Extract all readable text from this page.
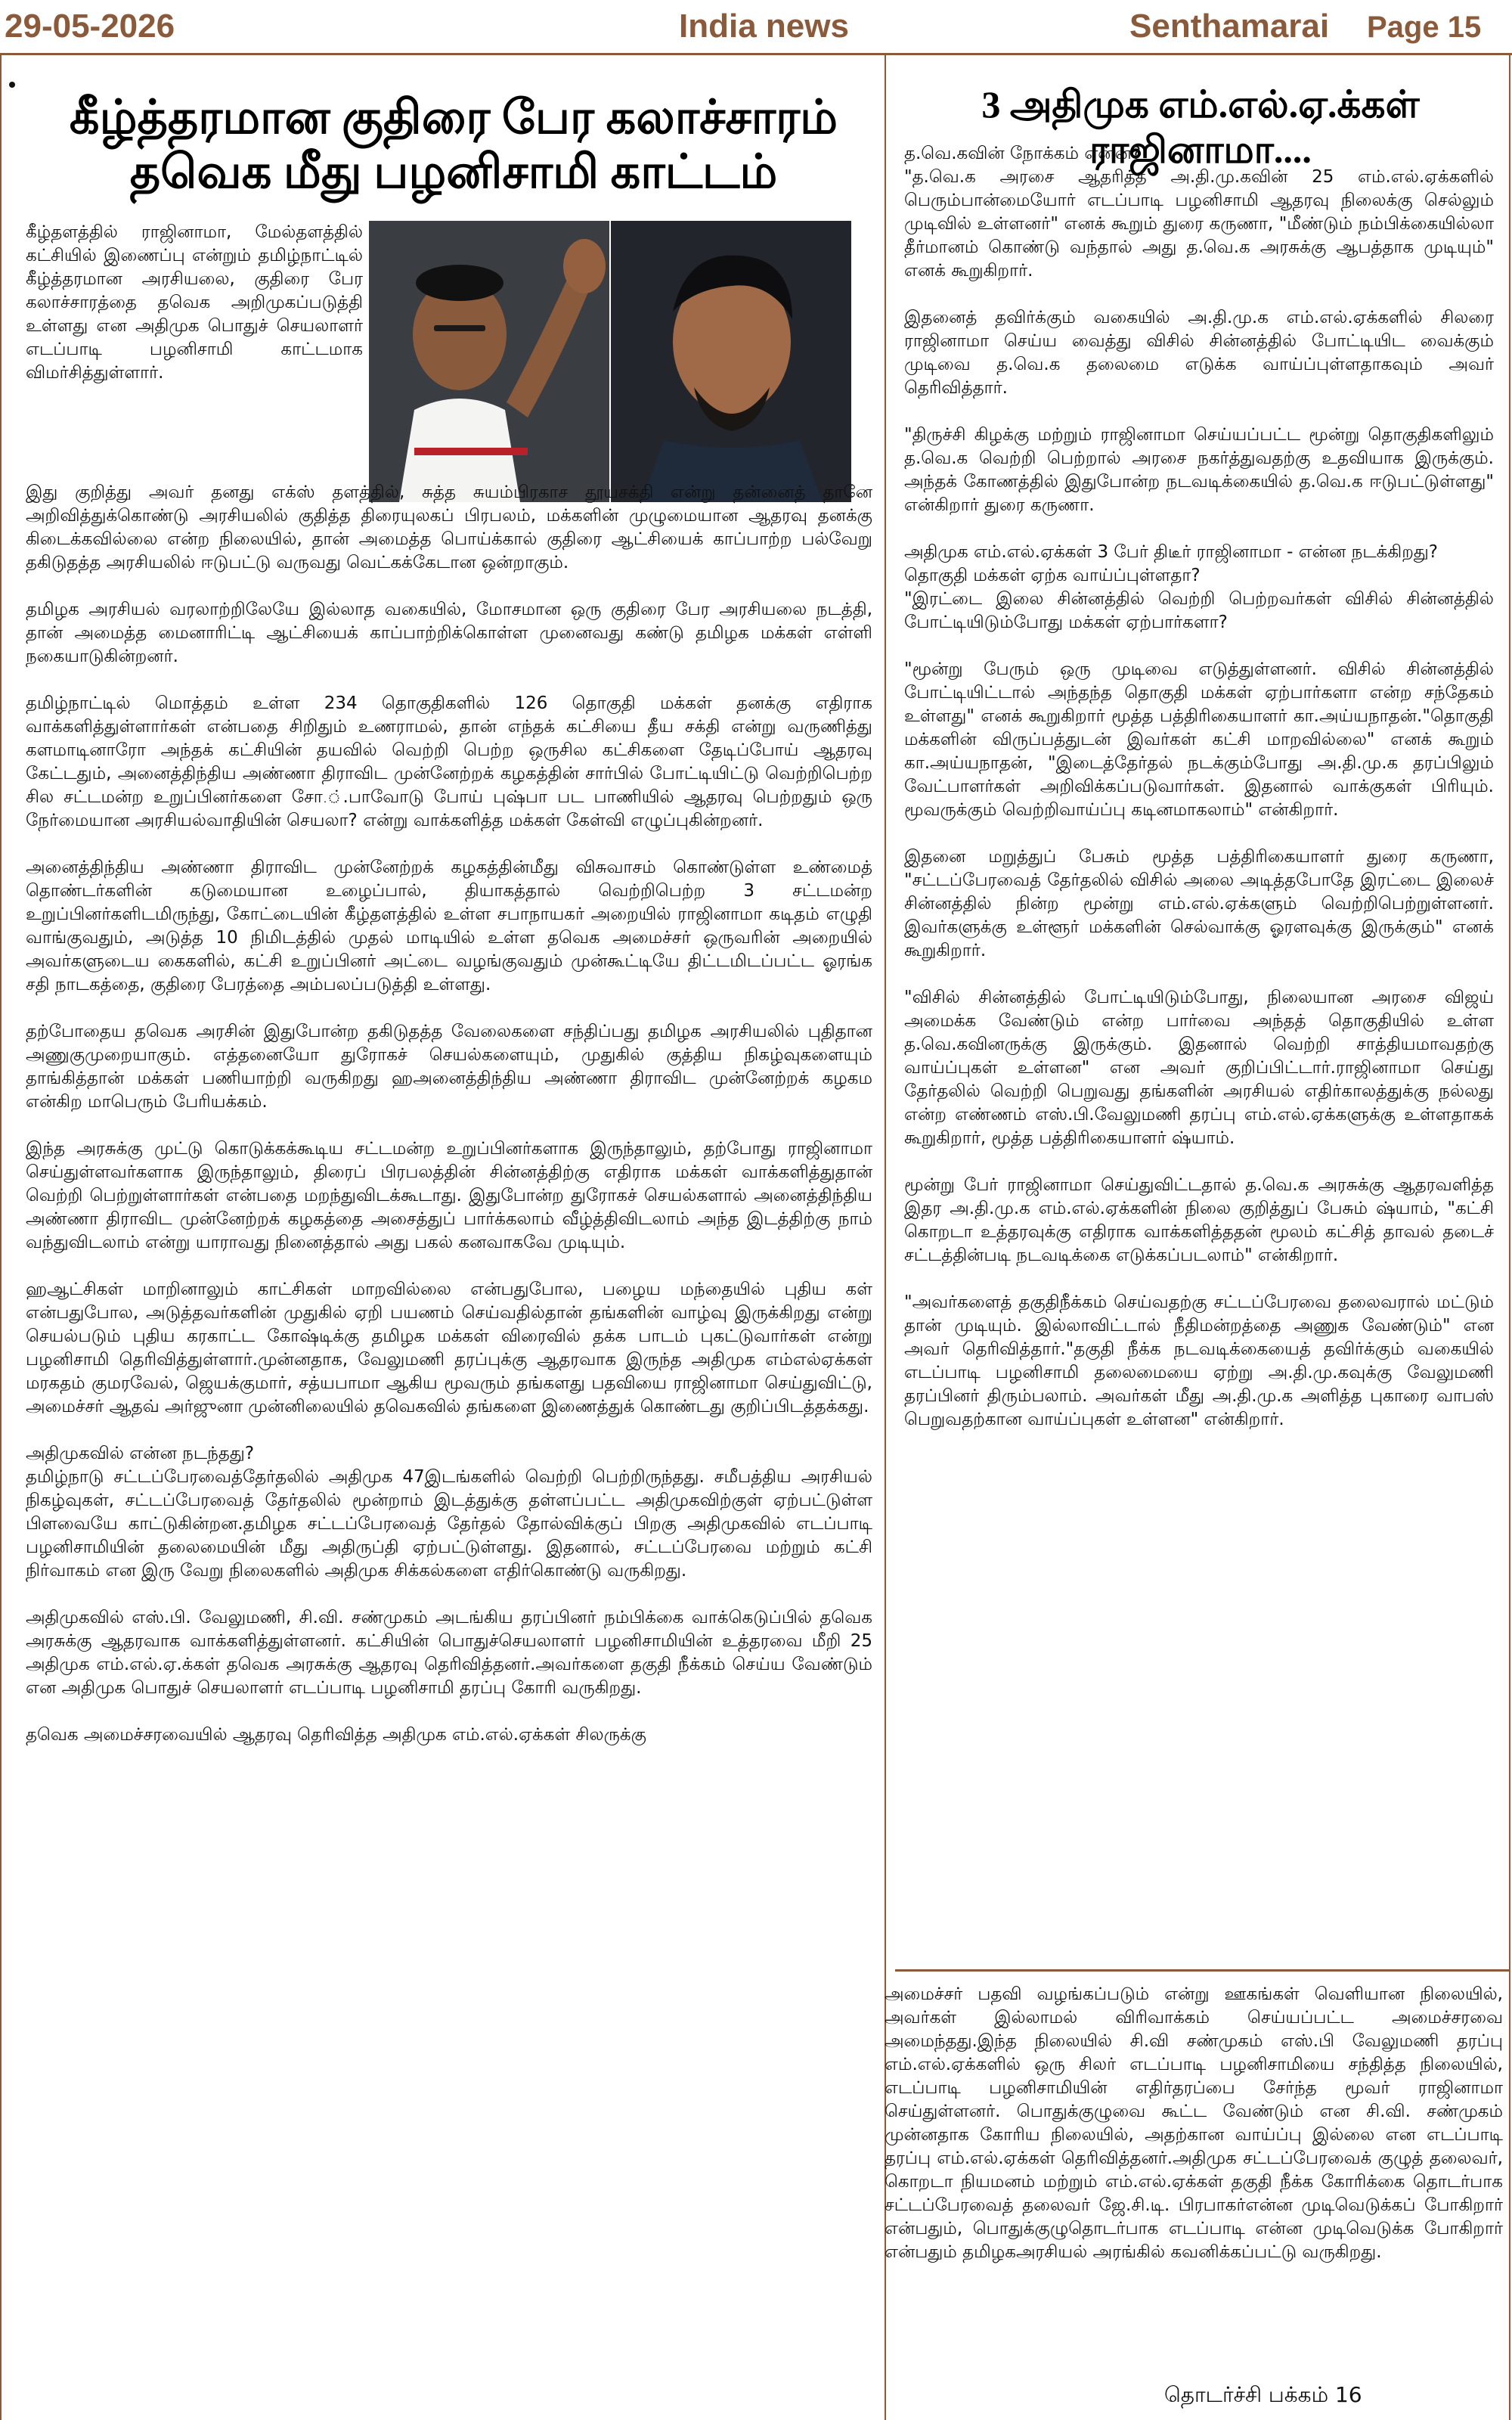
29-05-2026	India news	Senthamarai Page 15
கீழ்த்தரமான குதிரை பேர கலாச்சாரம்
தவெக மீது பழனிசாமி காட்டம்
கீழ்தளத்தில் ராஜினாமா, மேல்தளத்தில் கட்சியில் இணைப்பு என்றும் தமிழ்நாட்டில் கீழ்த்தரமான அரசியலை, குதிரை பேர கலாச்சாரத்தை தவெக அறிமுகப்படுத்தி உள்ளது என அதிமுக பொதுச் செயலாளர் எடப்பாடி பழனிசாமி காட்டமாக விமர்சித்துள்ளார்.

இது குறித்து அவர் தனது எக்ஸ் தளத்தில், சுத்த சுயம்பிரகாச தூயசக்தி என்று தன்னைத் தானே அறிவித்துக்கொண்டு அரசியலில் குதித்த திரையுலகப் பிரபலம், மக்களின் முழுமையான ஆதரவு தனக்கு கிடைக்கவில்லை என்ற நிலையில், தான் அமைத்த பொய்க்கால் குதிரை ஆட்சியைக் காப்பாற்ற பல்வேறு தகிடுதத்த அரசியலில் ஈடுபட்டு வருவது வெட்கக்கேடான ஒன்றாகும்.

தமிழக அரசியல் வரலாற்றிலேயே இல்லாத வகையில், மோசமான ஒரு குதிரை பேர அரசியலை நடத்தி, தான் அமைத்த மைனாரிட்டி ஆட்சியைக் காப்பாற்றிக்கொள்ள முனைவது கண்டு தமிழக மக்கள் எள்ளி நகையாடுகின்றனர்.

தமிழ்நாட்டில் மொத்தம் உள்ள 234 தொகுதிகளில் 126 தொகுதி மக்கள் தனக்கு எதிராக வாக்களித்துள்ளார்கள் என்பதை சிறிதும் உணராமல், தான் எந்தக் கட்சியை தீய சக்தி என்று வருணித்து களமாடினாரோ அந்தக் கட்சியின் தயவில் வெற்றி பெற்ற ஒருசில கட்சிகளை தேடிப்போய் ஆதரவு கேட்டதும், அனைத்திந்திய அண்ணா திராவிட முன்னேற்றக் கழகத்தின் சார்பில் போட்டியிட்டு வெற்றிபெற்ற சில சட்டமன்ற உறுப்பினர்களை சோ.்.பாவோடு போய் புஷ்பா பட பாணியில் ஆதரவு பெற்றதும் ஒரு நேர்மையான அரசியல்வாதியின் செயலா? என்று வாக்களித்த மக்கள் கேள்வி எழுப்புகின்றனர்.

அனைத்திந்திய அண்ணா திராவிட முன்னேற்றக் கழகத்தின்மீது விசுவாசம் கொண்டுள்ள உண்மைத் தொண்டர்களின் கடுமையான உழைப்பால், தியாகத்தால் வெற்றிபெற்ற 3 சட்டமன்ற உறுப்பினர்களிடமிருந்து, கோட்டையின் கீழ்தளத்தில் உள்ள சபாநாயகர் அறையில் ராஜினாமா கடிதம் எழுதி வாங்குவதும், அடுத்த 10 நிமிடத்தில் முதல் மாடியில் உள்ள தவெக அமைச்சர் ஒருவரின் அறையில் அவர்களுடைய கைகளில், கட்சி உறுப்பினர் அட்டை வழங்குவதும் முன்கூட்டியே திட்டமிடப்பட்ட ஓரங்க சதி நாடகத்தை, குதிரை பேரத்தை அம்பலப்படுத்தி உள்ளது.

தற்போதைய தவெக அரசின் இதுபோன்ற தகிடுதத்த வேலைகளை சந்திப்பது தமிழக அரசியலில் புதிதான அணுகுமுறையாகும். எத்தனையோ துரோகச் செயல்களையும், முதுகில் குத்திய நிகழ்வுகளையும் தாங்கித்தான் மக்கள் பணியாற்றி வருகிறது ஹஅனைத்திந்திய அண்ணா திராவிட முன்னேற்றக் கழகம என்கிற மாபெரும் பேரியக்கம்.

இந்த அரசுக்கு முட்டு கொடுக்கக்கூடிய சட்டமன்ற உறுப்பினர்களாக இருந்தாலும், தற்போது ராஜினாமா செய்துள்ளவர்களாக இருந்தாலும், திரைப் பிரபலத்தின் சின்னத்திற்கு எதிராக மக்கள் வாக்களித்துதான் வெற்றி பெற்றுள்ளார்கள் என்பதை மறந்துவிடக்கூடாது. இதுபோன்ற துரோகச் செயல்களால் அனைத்திந்திய அண்ணா திராவிட முன்னேற்றக் கழகத்தை அசைத்துப் பார்க்கலாம் வீழ்த்திவிடலாம் அந்த இடத்திற்கு நாம் வந்துவிடலாம் என்று யாராவது நினைத்தால் அது பகல் கனவாகவே முடியும்.

ஹஆட்சிகள் மாறினாலும் காட்சிகள் மாறவில்லை என்பதுபோல, பழைய மந்தையில் புதிய கள் என்பதுபோல, அடுத்தவர்களின் முதுகில் ஏறி பயணம் செய்வதில்தான் தங்களின் வாழ்வு இருக்கிறது என்று செயல்படும் புதிய கரகாட்ட கோஷ்டிக்கு தமிழக மக்கள் விரைவில் தக்க பாடம் புகட்டுவார்கள் என்று பழனிசாமி தெரிவித்துள்ளார்.முன்னதாக, வேலுமணி தரப்புக்கு ஆதரவாக இருந்த அதிமுக எம்எல்ஏக்கள் மரகதம் குமரவேல், ஜெயக்குமார், சத்யபாமா ஆகிய மூவரும் தங்களது பதவியை ராஜினாமா செய்துவிட்டு, அமைச்சர் ஆதவ் அர்ஜுனா முன்னிலையில் தவெகவில் தங்களை இணைத்துக் கொண்டது குறிப்பிடத்தக்கது.

அதிமுகவில் என்ன நடந்தது?
தமிழ்நாடு சட்டப்பேரவைத்தேர்தலில் அதிமுக 47இடங்களில் வெற்றி பெற்றிருந்தது. சமீபத்திய அரசியல் நிகழ்வுகள், சட்டப்பேரவைத் தேர்தலில் மூன்றாம் இடத்துக்கு தள்ளப்பட்ட அதிமுகவிற்குள் ஏற்பட்டுள்ள பிளவையே காட்டுகின்றன.தமிழக சட்டப்பேரவைத் தேர்தல் தோல்விக்குப் பிறகு அதிமுகவில் எடப்பாடி பழனிசாமியின் தலைமையின் மீது அதிருப்தி ஏற்பட்டுள்ளது. இதனால், சட்டப்பேரவை மற்றும் கட்சி நிர்வாகம் என இரு வேறு நிலைகளில் அதிமுக சிக்கல்களை எதிர்கொண்டு வருகிறது.

அதிமுகவில் எஸ்.பி. வேலுமணி, சி.வி. சண்முகம் அடங்கிய தரப்பினர் நம்பிக்கை வாக்கெடுப்பில் தவெக அரசுக்கு ஆதரவாக வாக்களித்துள்ளனர். கட்சியின் பொதுச்செயலாளர் பழனிசாமியின் உத்தரவை மீறி 25 அதிமுக எம்.எல்.ஏ.க்கள் தவெக அரசுக்கு ஆதரவு தெரிவித்தனர்.அவர்களை தகுதி நீக்கம் செய்ய வேண்டும் என அதிமுக பொதுச் செயலாளர் எடப்பாடி பழனிசாமி தரப்பு கோரி வருகிறது.

தவெக அமைச்சரவையில் ஆதரவு தெரிவித்த அதிமுக எம்.எல்.ஏக்கள் சிலருக்கு

3 அதிமுக எம்.எல்.ஏ.க்கள் ராஜினாமா....

த.வெ.கவின் நோக்கம் என்ன?
"த.வெ.க அரசை ஆதரித்த அ.தி.மு.கவின் 25 எம்.எல்.ஏக்களில் பெரும்பான்மையோர் எடப்பாடி பழனிசாமி ஆதரவு நிலைக்கு செல்லும் முடிவில் உள்ளனர்" எனக் கூறும் துரை கருணா, "மீண்டும் நம்பிக்கையில்லா தீர்மானம் கொண்டு வந்தால் அது த.வெ.க அரசுக்கு ஆபத்தாக முடியும்" எனக் கூறுகிறார்.

இதனைத் தவிர்க்கும் வகையில் அ.தி.மு.க எம்.எல்.ஏக்களில் சிலரை ராஜினாமா செய்ய வைத்து விசில் சின்னத்தில் போட்டியிட வைக்கும் முடிவை த.வெ.க தலைமை எடுக்க வாய்ப்புள்ளதாகவும் அவர் தெரிவித்தார்.

"திருச்சி கிழக்கு மற்றும் ராஜினாமா செய்யப்பட்ட மூன்று தொகுதிகளிலும் த.வெ.க வெற்றி பெற்றால் அரசை நகர்த்துவதற்கு உதவியாக இருக்கும். அந்தக் கோணத்தில் இதுபோன்ற நடவடிக்கையில் த.வெ.க ஈடுபட்டுள்ளது" என்கிறார் துரை கருணா.

அதிமுக எம்.எல்.ஏக்கள் 3 பேர் திடீர் ராஜினாமா - என்ன நடக்கிறது?
தொகுதி மக்கள் ஏற்க வாய்ப்புள்ளதா?
"இரட்டை இலை சின்னத்தில் வெற்றி பெற்றவர்கள் விசில் சின்னத்தில் போட்டியிடும்போது மக்கள் ஏற்பார்களா?

"மூன்று பேரும் ஒரு முடிவை எடுத்துள்ளனர். விசில் சின்னத்தில் போட்டியிட்டால் அந்தந்த தொகுதி மக்கள் ஏற்பார்களா என்ற சந்தேகம் உள்ளது" எனக் கூறுகிறார் மூத்த பத்திரிகையாளர் கா.அய்யநாதன்."தொகுதி மக்களின் விருப்பத்துடன் இவர்கள் கட்சி மாறவில்லை" எனக் கூறும் கா.அய்யநாதன், "இடைத்தேர்தல் நடக்கும்போது அ.தி.மு.க தரப்பிலும் வேட்பாளர்கள் அறிவிக்கப்படுவார்கள். இதனால் வாக்குகள் பிரியும். மூவருக்கும் வெற்றிவாய்ப்பு கடினமாகலாம்" என்கிறார்.

இதனை மறுத்துப் பேசும் மூத்த பத்திரிகையாளர் துரை கருணா, "சட்டப்பேரவைத் தேர்தலில் விசில் அலை அடித்தபோதே இரட்டை இலைச் சின்னத்தில் நின்ற மூன்று எம்.எல்.ஏக்களும் வெற்றிபெற்றுள்ளனர். இவர்களுக்கு உள்ளூர் மக்களின் செல்வாக்கு ஓரளவுக்கு இருக்கும்" எனக் கூறுகிறார்.

"விசில் சின்னத்தில் போட்டியிடும்போது, நிலையான அரசை விஜய் அமைக்க வேண்டும் என்ற பார்வை அந்தத் தொகுதியில் உள்ள த.வெ.கவினருக்கு இருக்கும். இதனால் வெற்றி சாத்தியமாவதற்கு வாய்ப்புகள் உள்ளன" என அவர் குறிப்பிட்டார்.ராஜினாமா செய்து தேர்தலில் வெற்றி பெறுவது தங்களின் அரசியல் எதிர்காலத்துக்கு நல்லது என்ற எண்ணம் எஸ்.பி.வேலுமணி தரப்பு எம்.எல்.ஏக்களுக்கு உள்ளதாகக் கூறுகிறார், மூத்த பத்திரிகையாளர் ஷ்யாம்.

மூன்று பேர் ராஜினாமா செய்துவிட்டதால் த.வெ.க அரசுக்கு ஆதரவளித்த இதர அ.தி.மு.க எம்.எல்.ஏக்களின் நிலை குறித்துப் பேசும் ஷ்யாம், "கட்சி கொறடா உத்தரவுக்கு எதிராக வாக்களித்ததன் மூலம் கட்சித் தாவல் தடைச் சட்டத்தின்படி நடவடிக்கை எடுக்கப்படலாம்" என்கிறார்.

"அவர்களைத் தகுதிநீக்கம் செய்வதற்கு சட்டப்பேரவை தலைவரால் மட்டும் தான் முடியும். இல்லாவிட்டால் நீதிமன்றத்தை அணுக வேண்டும்" என அவர் தெரிவித்தார்."தகுதி நீக்க நடவடிக்கையைத் தவிர்க்கும் வகையில் எடப்பாடி பழனிசாமி தலைமையை ஏற்று அ.தி.மு.கவுக்கு வேலுமணி தரப்பினர் திரும்பலாம். அவர்கள் மீது அ.தி.மு.க அளித்த புகாரை வாபஸ் பெறுவதற்கான வாய்ப்புகள் உள்ளன" என்கிறார்.

அமைச்சர் பதவி வழங்கப்படும் என்று ஊகங்கள் வெளியான நிலையில், அவர்கள் இல்லாமல் விரிவாக்கம் செய்யப்பட்ட அமைச்சரவை அமைந்தது.இந்த நிலையில் சி.வி சண்முகம் எஸ்.பி வேலுமணி தரப்பு எம்.எல்.ஏக்களில் ஒரு சிலர் எடப்பாடி பழனிசாமியை சந்தித்த நிலையில், எடப்பாடி பழனிசாமியின் எதிர்தரப்பை சேர்ந்த மூவர் ராஜினாமா செய்துள்ளனர். பொதுக்குழுவை கூட்ட வேண்டும் என சி.வி. சண்முகம் முன்னதாக கோரிய நிலையில், அதற்கான வாய்ப்பு இல்லை என எடப்பாடி தரப்பு எம்.எல்.ஏக்கள் தெரிவித்தனர்.அதிமுக சட்டப்பேரவைக் குழுத் தலைவர், கொறடா நியமனம் மற்றும் எம்.எல்.ஏக்கள் தகுதி நீக்க கோரிக்கை தொடர்பாக சட்டப்பேரவைத் தலைவர் ஜே.சி.டி. பிரபாகர்என்ன முடிவெடுக்கப் போகிறார் என்பதும், பொதுக்குழுதொடர்பாக எடப்பாடி என்ன முடிவெடுக்க போகிறார் என்பதும் தமிழகஅரசியல் அரங்கில் கவனிக்கப்பட்டு வருகிறது.
தொடர்ச்சி பக்கம் 16
